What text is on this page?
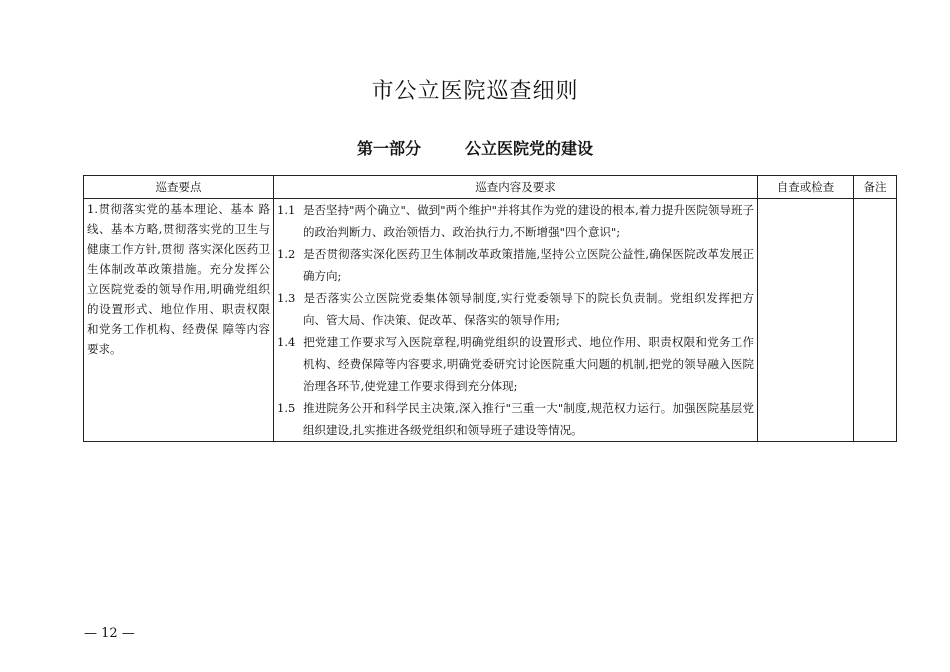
市公立医院巡查细则
第一部分	公立医院党的建设
巡查要点	巡查内容及要求	自查或检查	备注

1.贯彻落实党的基本理论、基本 路线、基本方略,贯彻落实党的卫生与健康工作方针,贯彻 落实深化医药卫生体制改革政策措施。充分发挥公立医院党委的领导作用,明确党组织的设置形式、地位作用、职责权限和党务工作机构、经费保 障等内容要求。	1.1 是否坚持"两个确立"、做到"两个维护"并将其作为党的建设的根本,着力提升医院领导班子的政治判断力、政治领悟力、政治执行力,不断增强"四个意识";
1.2 是否贯彻落实深化医药卫生体制改革政策措施,坚持公立医院公益性,确保医院改革发展正确方向;
1.3 是否落实公立医院党委集体领导制度,实行党委领导下的院长负责制。党组织发挥把方向、管大局、作决策、促改革、保落实的领导作用;
1.4 把党建工作要求写入医院章程,明确党组织的设置形式、地位作用、职责权限和党务工作机构、经费保障等内容要求,明确党委研究讨论医院重大问题的机制,把党的领导融入医院治理各环节,使党建工作要求得到充分体现;
1.5 推进院务公开和科学民主决策,深入推行"三重一大"制度,规范权力运行。加强医院基层党组织建设,扎实推进各级党组织和领导班子建设等情况。		

— 12 —
